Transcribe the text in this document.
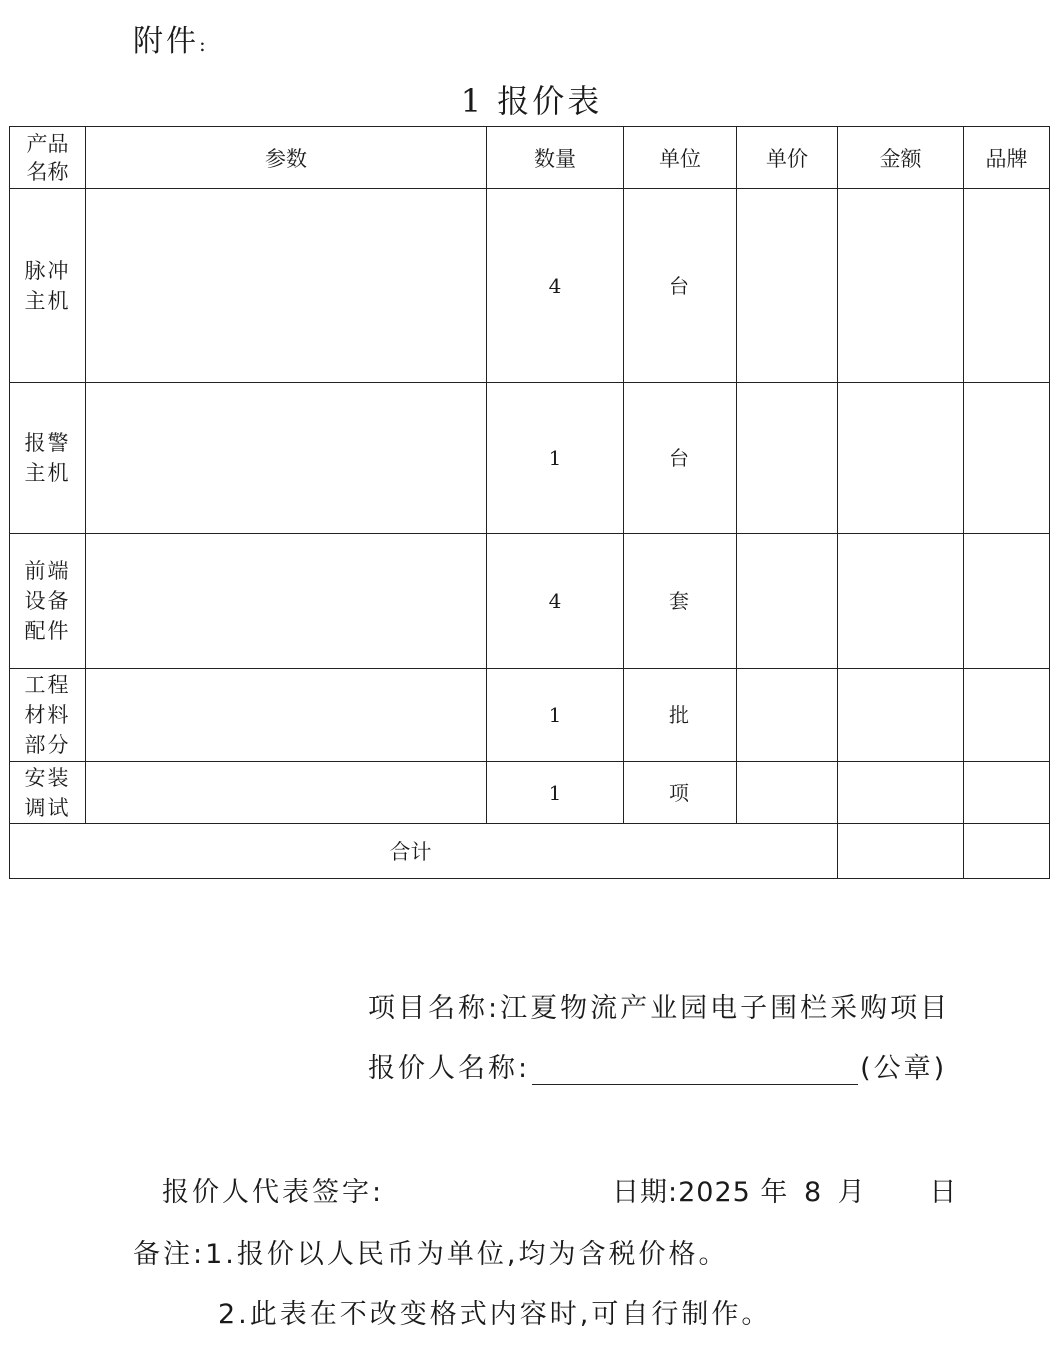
附件:
1 报价表
产品
名称	参数	数量	单位	单价	金额	品牌

脉冲
主机		4	台			

报警
主机		1	台			

前端
设备
配件		4	套			

工程
材料
部分		1	批			

安装
调试		1	项			
合计						
项目名称:江夏物流产业园电子围栏采购项目
报价人名称:	(公章)
报价人代表签字:	日期:2025 年 8 月 日
备注:1.报价以人民币为单位,均为含税价格。
2.此表在不改变格式内容时,可自行制作。
